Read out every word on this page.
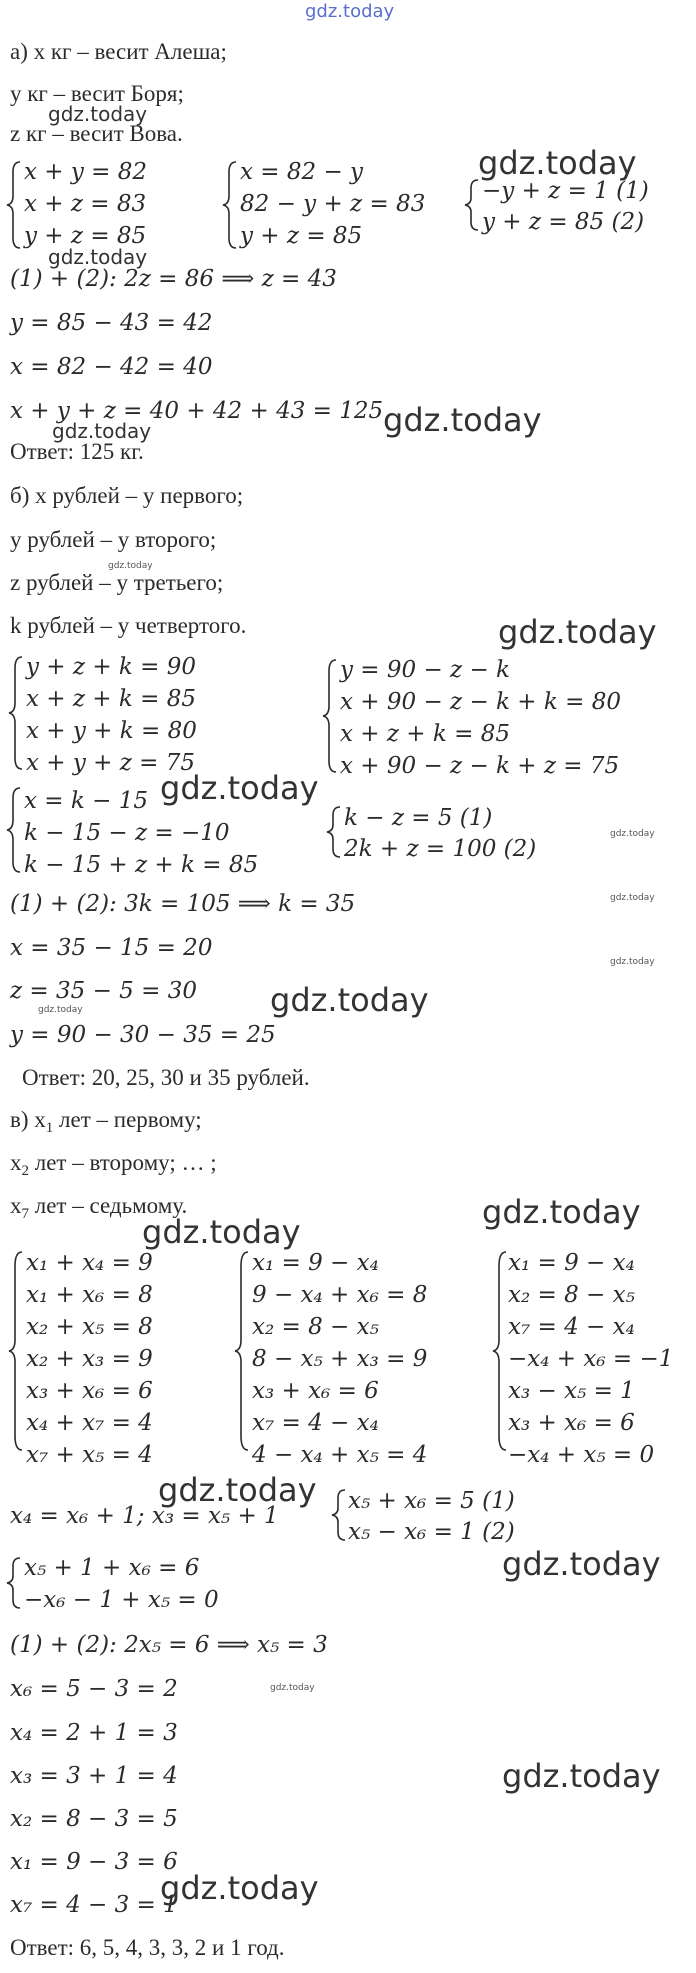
gdz.today
а) x кг – весит Алеша;
y кг – весит Боря;
z кг – весит Вова.
x + y = 82
x + z = 83
y + z = 85
x = 82 − y
82 − y + z = 83
y + z = 85
−y + z = 1 (1)
y + z = 85 (2)
(1) + (2): 2z = 86 ⟹ z = 43
y = 85 − 43 = 42
x = 82 − 42 = 40
x + y + z = 40 + 42 + 43 = 125
Ответ: 125 кг.
б) x рублей – у первого;
y рублей – у второго;
z рублей – у третьего;
k рублей – у четвертого.
y + z + k = 90
x + z + k = 85
x + y + k = 80
x + y + z = 75
y = 90 − z − k
x + 90 − z − k + k = 80
x + z + k = 85
x + 90 − z − k + z = 75
x = k − 15
k − 15 − z = −10
k − 15 + z + k = 85
k − z = 5 (1)
2k + z = 100 (2)
(1) + (2): 3k = 105 ⟹ k = 35
x = 35 − 15 = 20
z = 35 − 5 = 30
y = 90 − 30 − 35 = 25
Ответ: 20, 25, 30 и 35 рублей.
в) $x_1$ лет – первому;
$x_2$ лет – второму; … ;
$x_7$ лет – седьмому.
x₁ + x₄ = 9
x₁ + x₆ = 8
x₂ + x₅ = 8
x₂ + x₃ = 9
x₃ + x₆ = 6
x₄ + x₇ = 4
x₇ + x₅ = 4
x₁ = 9 − x₄
9 − x₄ + x₆ = 8
x₂ = 8 − x₅
8 − x₅ + x₃ = 9
x₃ + x₆ = 6
x₇ = 4 − x₄
4 − x₄ + x₅ = 4
x₁ = 9 − x₄
x₂ = 8 − x₅
x₇ = 4 − x₄
−x₄ + x₆ = −1
x₃ − x₅ = 1
x₃ + x₆ = 6
−x₄ + x₅ = 0
x₄ = x₆ + 1; x₃ = x₅ + 1
x₅ + x₆ = 5 (1)
x₅ − x₆ = 1 (2)
x₅ + 1 + x₆ = 6
−x₆ − 1 + x₅ = 0
(1) + (2): 2x₅ = 6 ⟹ x₅ = 3
x₆ = 5 − 3 = 2
x₄ = 2 + 1 = 3
x₃ = 3 + 1 = 4
x₂ = 8 − 3 = 5
x₁ = 9 − 3 = 6
x₇ = 4 − 3 = 1
Ответ: 6, 5, 4, 3, 3, 2 и 1 год.
gdz.today
gdz.today
gdz.today
gdz.today	gdz.today
gdz.today
gdz.today
gdz.today
gdz.today
gdz.today
gdz.today
gdz.today	gdz.today
gdz.today
gdz.today
gdz.today
gdz.today
gdz.today
gdz.today
gdz.today
